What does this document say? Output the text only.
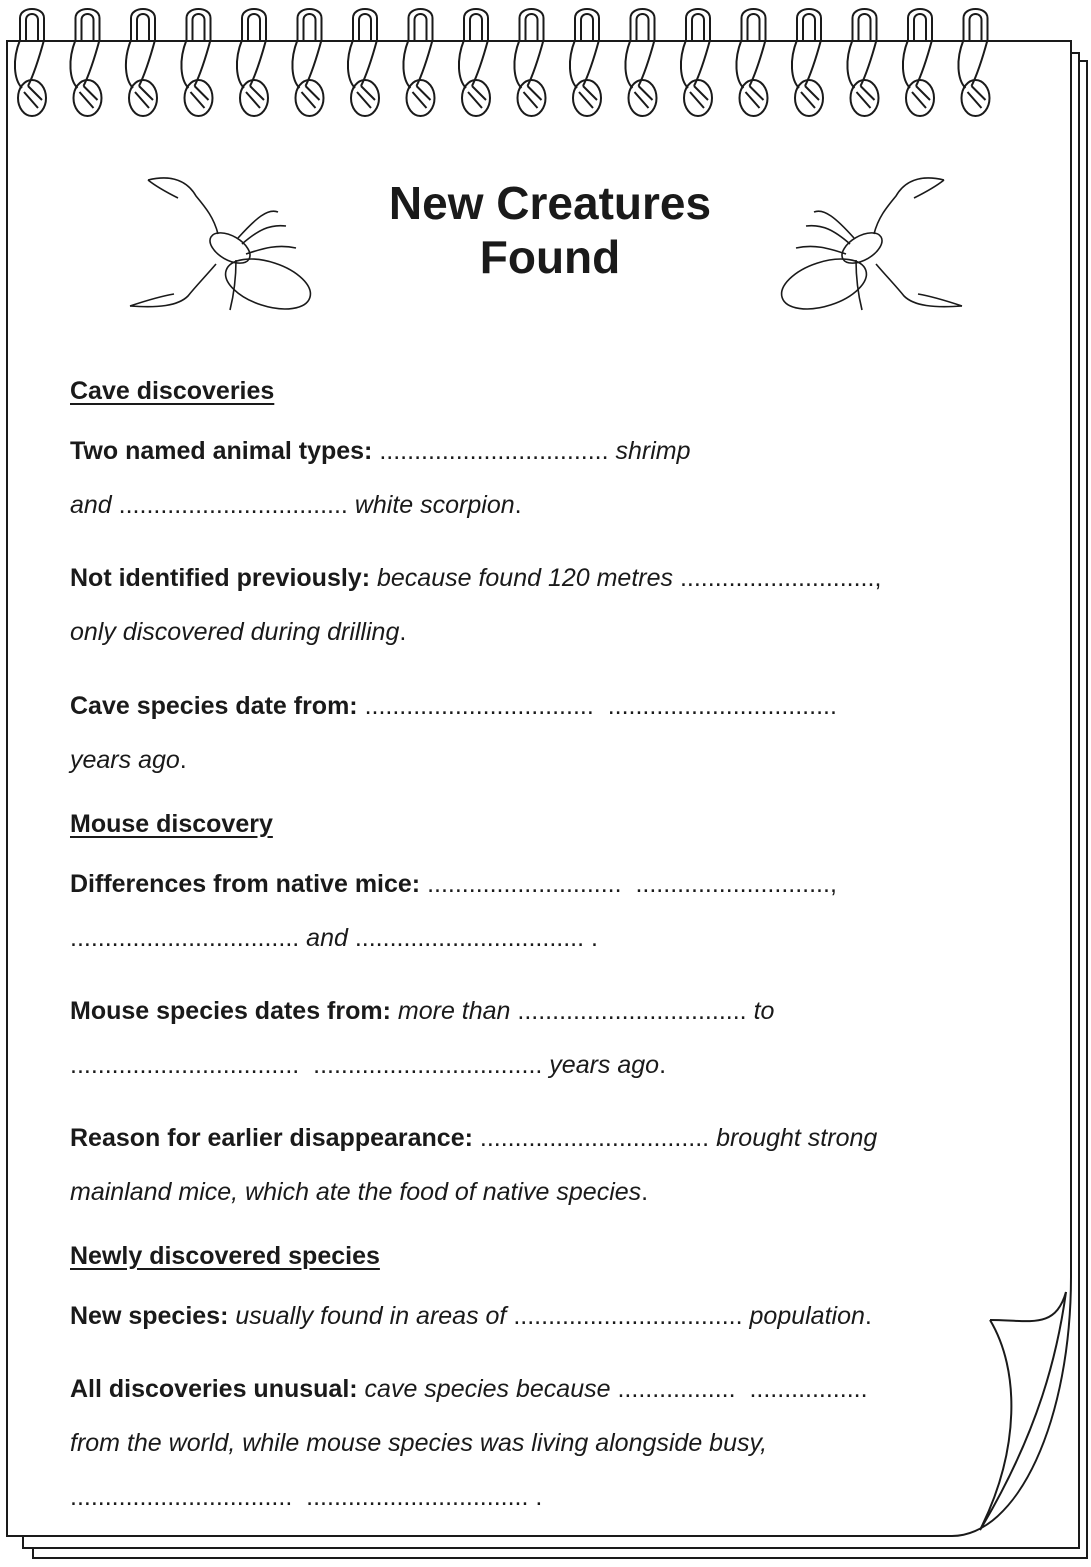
New Creatures
Found
Cave discoveries
Two named animal types: ................................. shrimp
and ................................. white scorpion.
Not identified previously: because found 120 metres ............................,
only discovered during drilling.
Cave species date from: .................................  .................................
years ago.
Mouse discovery
Differences from native mice: ............................  ............................,
................................. and ................................. .
Mouse species dates from: more than ................................. to
.................................  ................................. years ago.
Reason for earlier disappearance: ................................. brought strong
mainland mice, which ate the food of native species.
Newly discovered species
New species: usually found in areas of ................................. population.
All discoveries unusual: cave species because .................  .................
from the world, while mouse species was living alongside busy,
................................  ................................ .
